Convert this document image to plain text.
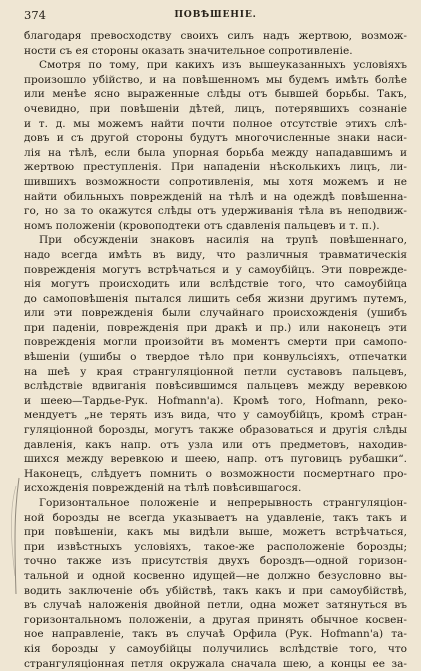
374	ПОВѢШЕНІЕ.
благодаря превосходству своихъ силъ надъ жертвою, возмож-
ности съ ея стороны оказать значительное сопротивленіе.
Смотря по тому, при какихъ изъ вышеуказанныхъ условіяхъ
произошло убійство, и на повѣшенномъ мы будемъ имѣть болѣе
или менѣе ясно выраженные слѣды отъ бывшей борьбы. Такъ,
очевидно, при повѣшеніи дѣтей, лицъ, потерявшихъ сознаніе
и т. д. мы можемъ найти почти полное отсутствіе этихъ слѣ-
довъ и съ другой стороны будутъ многочисленные знаки наси-
лія на тѣлѣ, если была упорная борьба между нападавшимъ и
жертвою преступленія. При нападеніи нѣсколькихъ лицъ, ли-
шившихъ возможности сопротивленія, мы хотя можемъ и не
найти обильныхъ поврежденій на тѣлѣ и на одеждѣ повѣшенна-
го, но за то окажутся слѣды отъ удерживанія тѣла въ неподвиж-
номъ положеніи (кровоподтеки отъ сдавленія пальцевъ и т. п.).
При обсужденіи знаковъ насилія на трупѣ повѣшеннаго,
надо всегда имѣть въ виду, что различныя травматическія
поврежденія могутъ встрѣчаться и у самоубійцъ. Эти поврежде-
нія могутъ происходить или вслѣдствіе того, что самоубійца
до самоповѣшенія пытался лишить себя жизни другимъ путемъ,
или эти поврежденія были случайнаго происхожденія (ушибъ
при паденіи, поврежденія при дракѣ и пр.) или наконецъ эти
поврежденія могли произойти въ моментъ смерти при самопо-
вѣшеніи (ушибы о твердое тѣло при конвульсіяхъ, отпечатки
на шеѣ у края странгуляціонной петли суставовъ пальцевъ,
вслѣдствіе вдвиганія повѣсившимся пальцевъ между веревкою
и шеею—Тардье-Рук. Hofmann'а). Кромѣ того, Hofmann, реко-
мендуетъ „не терять изъ вида, что у самоубійцъ, кромѣ стран-
гуляціонной борозды, могутъ также образоваться и другія слѣды
давленія, какъ напр. отъ узла или отъ предметовъ, находив-
шихся между веревкою и шеею, напр. отъ пуговицъ рубашки“.
Наконецъ, слѣдуетъ помнить о возможности посмертнаго про-
исхожденія поврежденій на тѣлѣ повѣсившагося.
Горизонтальное положеніе и непрерывность странгуляціон-
ной борозды не всегда указываетъ на удавленіе, такъ такъ и
при повѣшеніи, какъ мы видѣли выше, можетъ встрѣчаться,
при извѣстныхъ условіяхъ, такое-же расположеніе борозды;
точно также изъ присутствія двухъ бороздъ—одной горизон-
тальной и одной косвенно идущей—не должно безусловно вы-
водить заключеніе объ убійствѣ, такъ какъ и при самоубійствѣ,
въ случаѣ наложенія двойной петли, одна может затянуться въ
горизонтальномъ положеніи, а другая принять обычное косвен-
ное направленіе, такъ въ случаѣ Орфила (Рук. Hofmann'а) та-
кія борозды у самоубійцы получились вслѣдствіе того, что
странгуляціонная петля окружала сначала шею, а концы ее за-
